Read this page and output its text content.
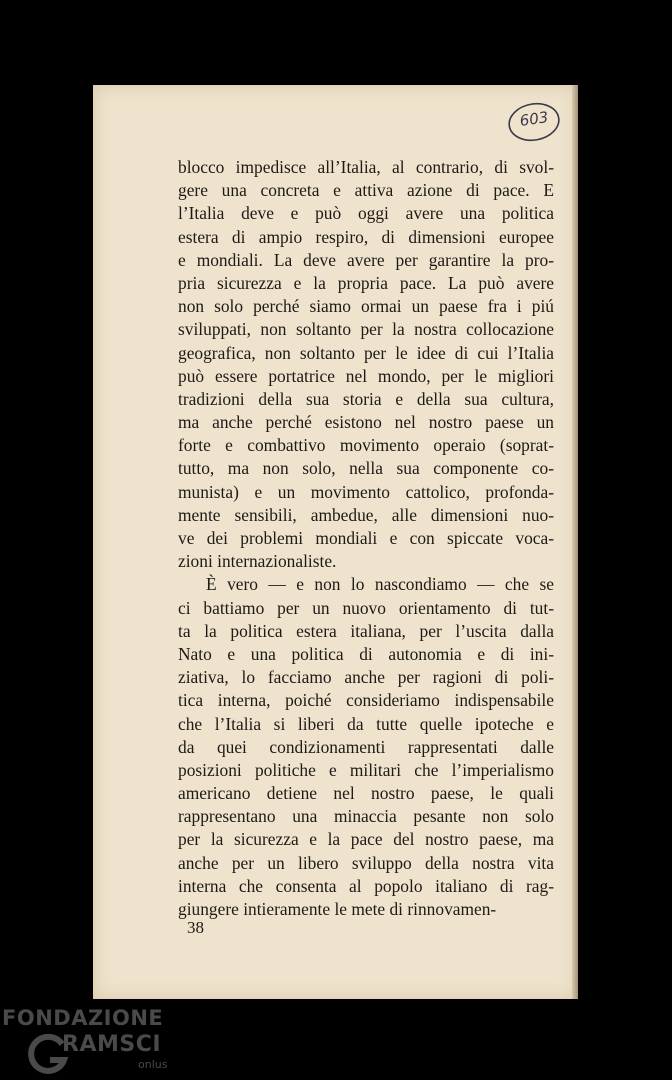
603
blocco impedisce all’Italia, al contrario, di svol-
gere una concreta e attiva azione di pace. E
l’Italia deve e può oggi avere una politica
estera di ampio respiro, di dimensioni europee
e mondiali. La deve avere per garantire la pro-
pria sicurezza e la propria pace. La può avere
non solo perché siamo ormai un paese fra i piú
sviluppati, non soltanto per la nostra collocazione
geografica, non soltanto per le idee di cui l’Italia
può essere portatrice nel mondo, per le migliori
tradizioni della sua storia e della sua cultura,
ma anche perché esistono nel nostro paese un
forte e combattivo movimento operaio (soprat-
tutto, ma non solo, nella sua componente co-
munista) e un movimento cattolico, profonda-
mente sensibili, ambedue, alle dimensioni nuo-
ve dei problemi mondiali e con spiccate voca-
zioni internazionaliste.
È vero — e non lo nascondiamo — che se
ci battiamo per un nuovo orientamento di tut-
ta la politica estera italiana, per l’uscita dalla
Nato e una politica di autonomia e di ini-
ziativa, lo facciamo anche per ragioni di poli-
tica interna, poiché consideriamo indispensabile
che l’Italia si liberi da tutte quelle ipoteche e
da quei condizionamenti rappresentati dalle
posizioni politiche e militari che l’imperialismo
americano detiene nel nostro paese, le quali
rappresentano una minaccia pesante non solo
per la sicurezza e la pace del nostro paese, ma
anche per un libero sviluppo della nostra vita
interna che consenta al popolo italiano di rag-
giungere intieramente le mete di rinnovamen-
38
FONDAZIONE
RAMSCI
onlus
